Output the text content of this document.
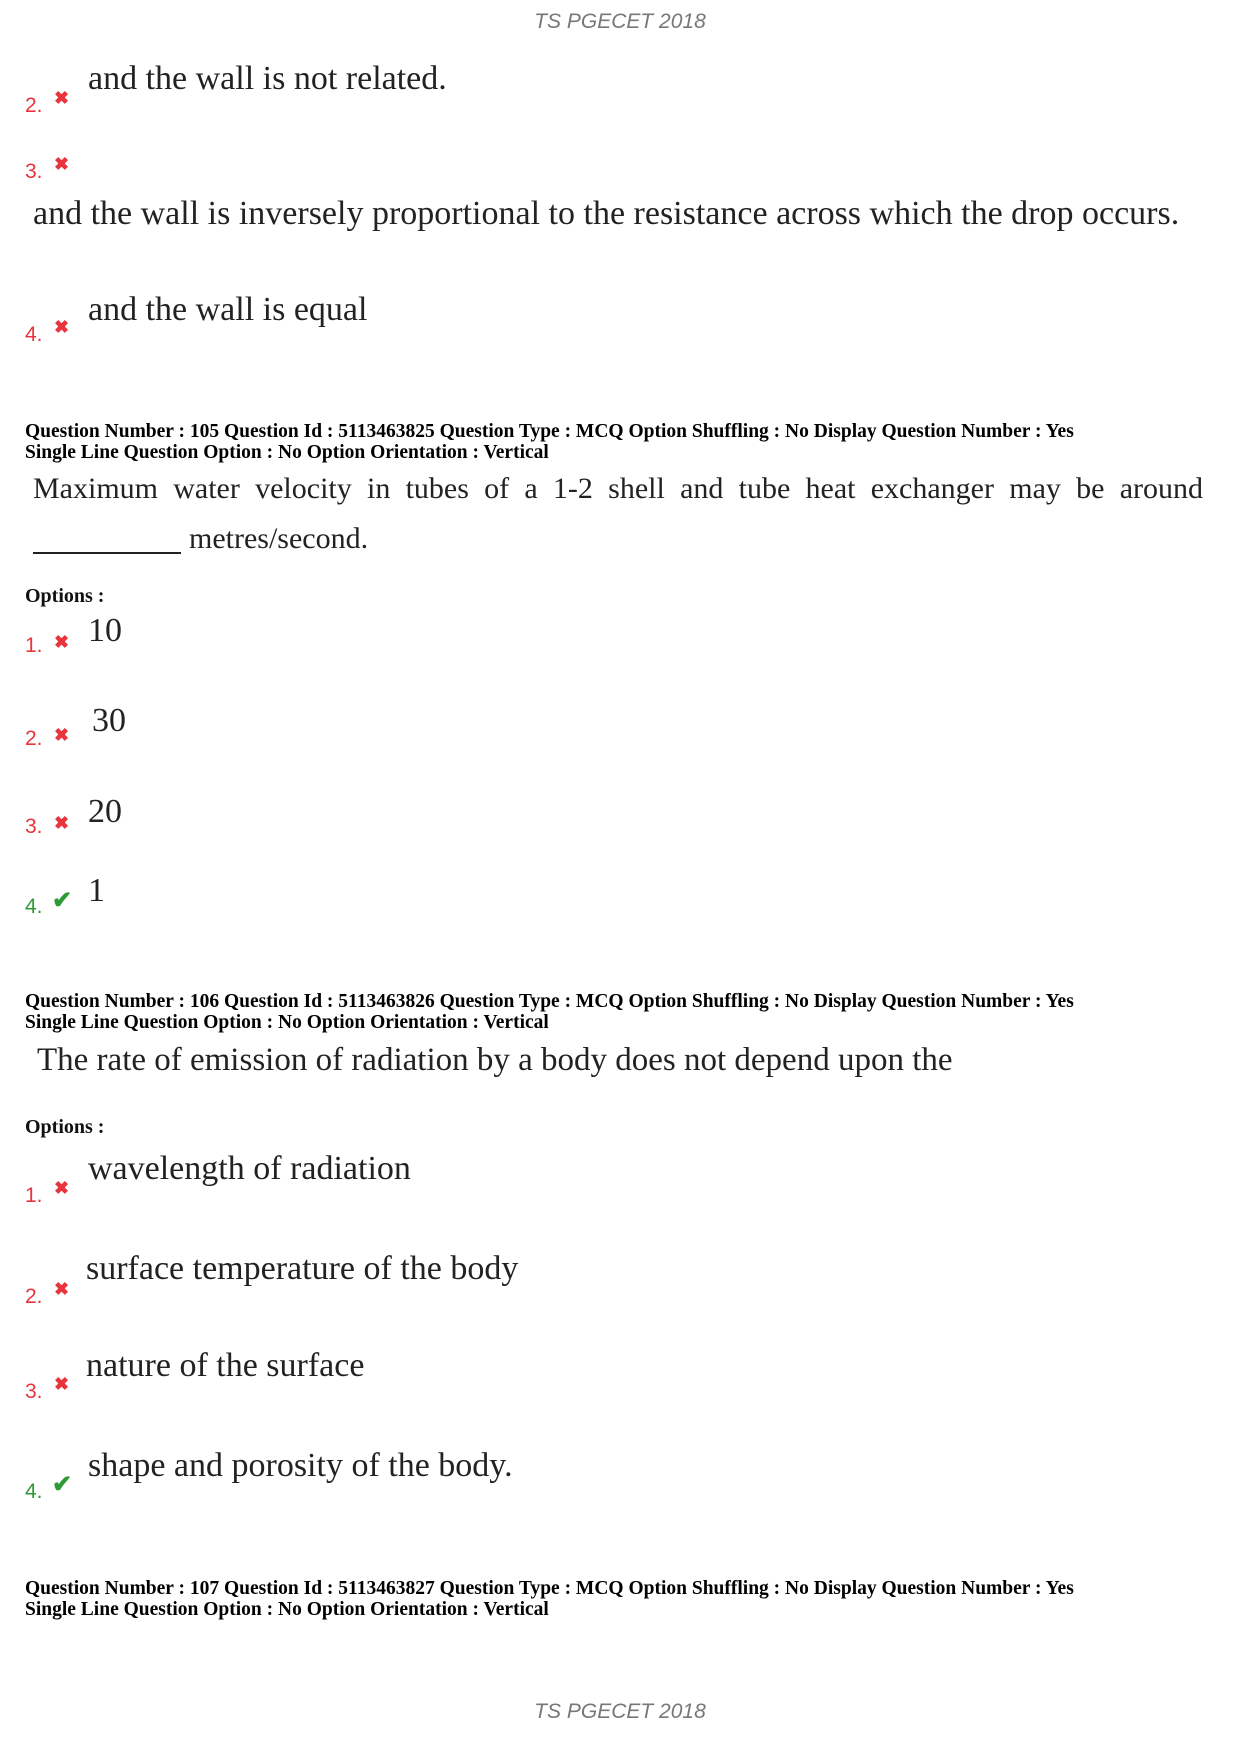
TS PGECET 2018
2. ✖
and the wall is not related.
3. ✖
and the wall is inversely proportional to the resistance across which the drop occurs.
4. ✖ and the wall is equal
Question Number : 105 Question Id : 5113463825 Question Type : MCQ Option Shuffling : No Display Question Number : Yes
Single Line Question Option : No Option Orientation : Vertical
Maximum water velocity in tubes of a 1-2 shell and tube heat exchanger may be around
metres/second.
Options :
1. ✖ 10
2. ✖ 30
3. ✖ 20
4. ✔ 1
Question Number : 106 Question Id : 5113463826 Question Type : MCQ Option Shuffling : No Display Question Number : Yes
Single Line Question Option : No Option Orientation : Vertical
The rate of emission of radiation by a body does not depend upon the
Options :
1. ✖
wavelength of radiation
2. ✖
surface temperature of the body
3. ✖ nature of the surface
4. ✔
shape and porosity of the body.
Question Number : 107 Question Id : 5113463827 Question Type : MCQ Option Shuffling : No Display Question Number : Yes
Single Line Question Option : No Option Orientation : Vertical
TS PGECET 2018
